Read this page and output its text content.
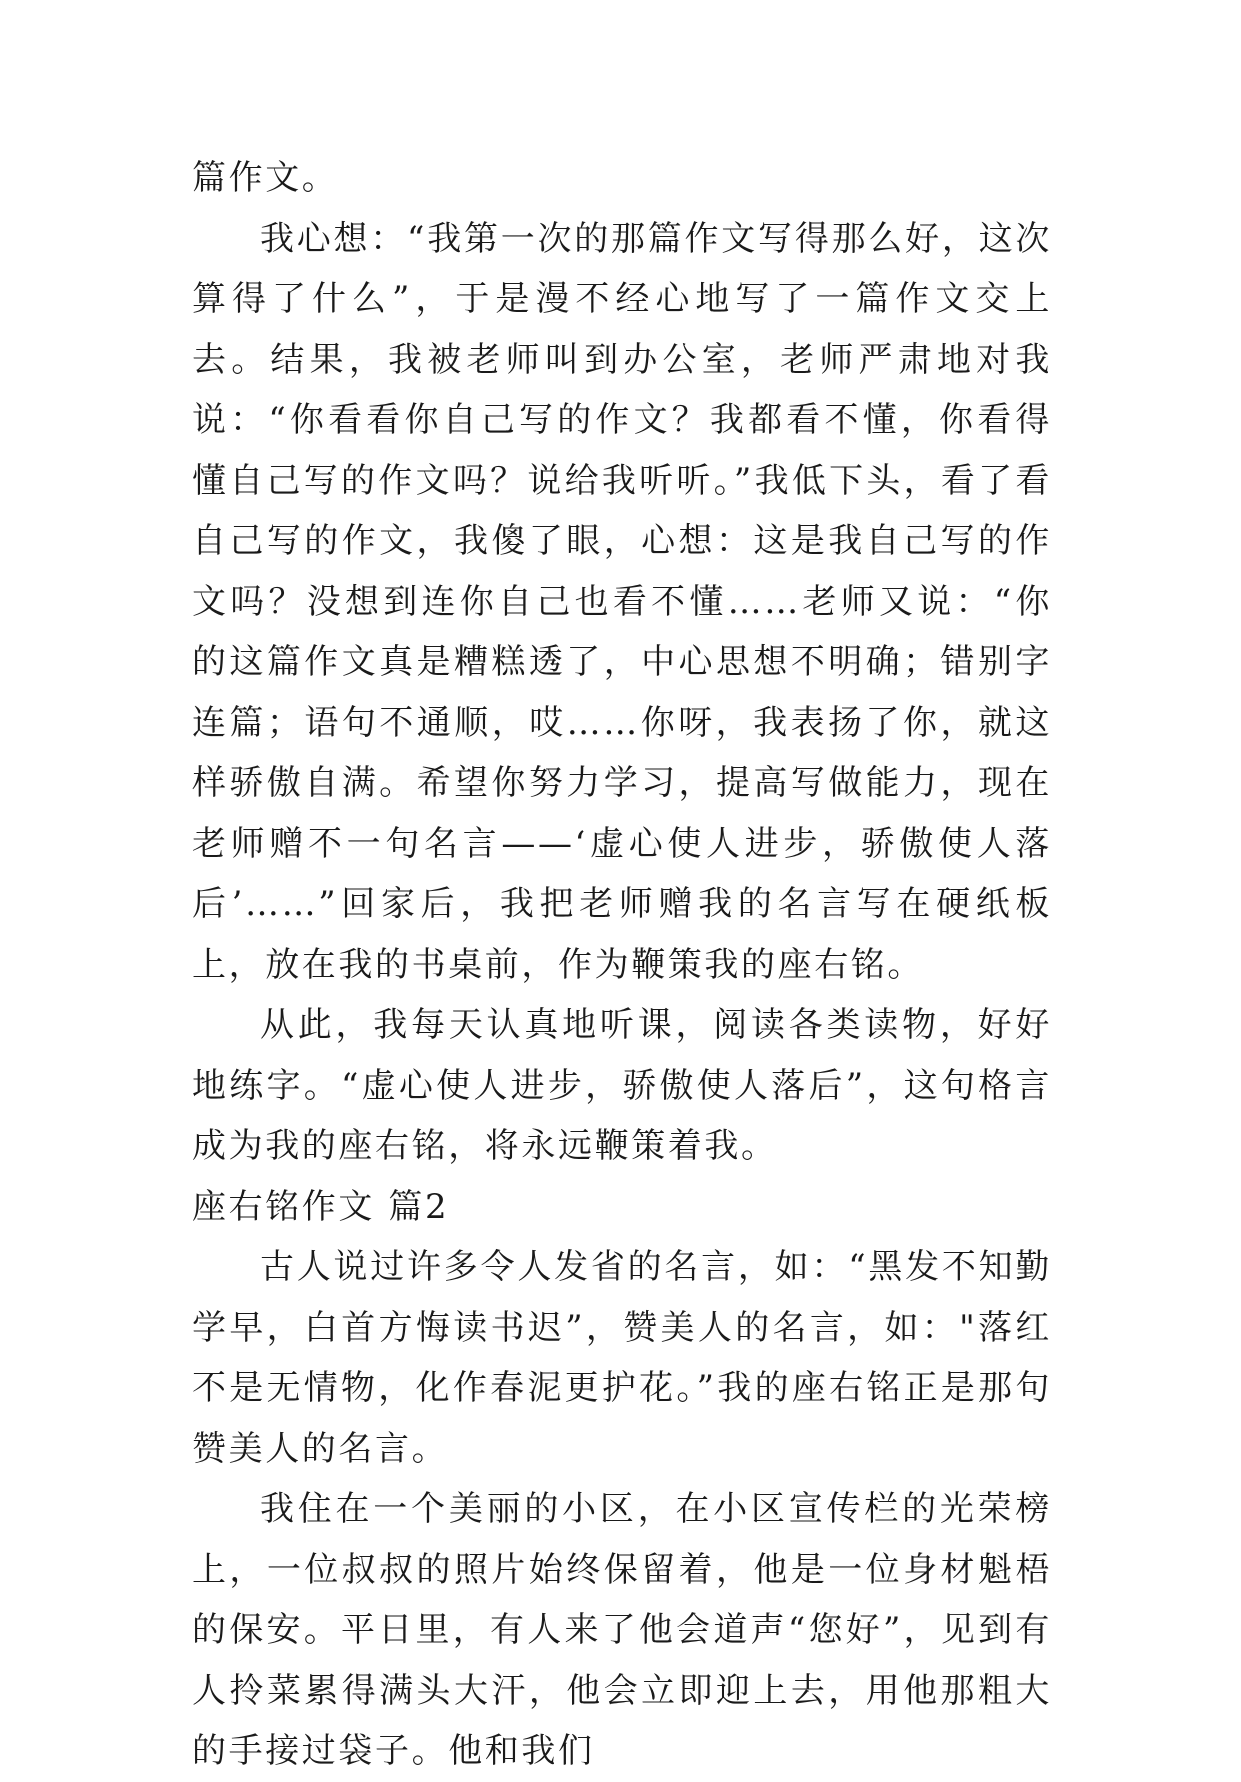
篇作文。

我心想：“我第一次的那篇作文写得那么好，这次算得了什么”，于是漫不经心地写了一篇作文交上去。结果，我被老师叫到办公室，老师严肃地对我说：“你看看你自己写的作文？我都看不懂，你看得懂自己写的作文吗？说给我听听。”我低下头，看了看自己写的作文，我傻了眼，心想：这是我自己写的作文吗？没想到连你自己也看不懂……老师又说：“你的这篇作文真是糟糕透了，中心思想不明确；错别字连篇；语句不通顺，哎……你呀，我表扬了你，就这样骄傲自满。希望你努力学习，提高写做能力，现在老师赠不一句名言——‘虚心使人进步，骄傲使人落后’……”回家后，我把老师赠我的名言写在硬纸板上，放在我的书桌前，作为鞭策我的座右铭。

从此，我每天认真地听课，阅读各类读物，好好地练字。“虚心使人进步，骄傲使人落后”，这句格言成为我的座右铭，将永远鞭策着我。

座右铭作文 篇2

古人说过许多令人发省的名言，如：“黑发不知勤学早，白首方悔读书迟”，赞美人的名言，如："落红不是无情物，化作春泥更护花。”我的座右铭正是那句赞美人的名言。

我住在一个美丽的小区，在小区宣传栏的光荣榜上，一位叔叔的照片始终保留着，他是一位身材魁梧的保安。平日里，有人来了他会道声“您好”，见到有人拎菜累得满头大汗，他会立即迎上去，用他那粗大的手接过袋子。他和我们
